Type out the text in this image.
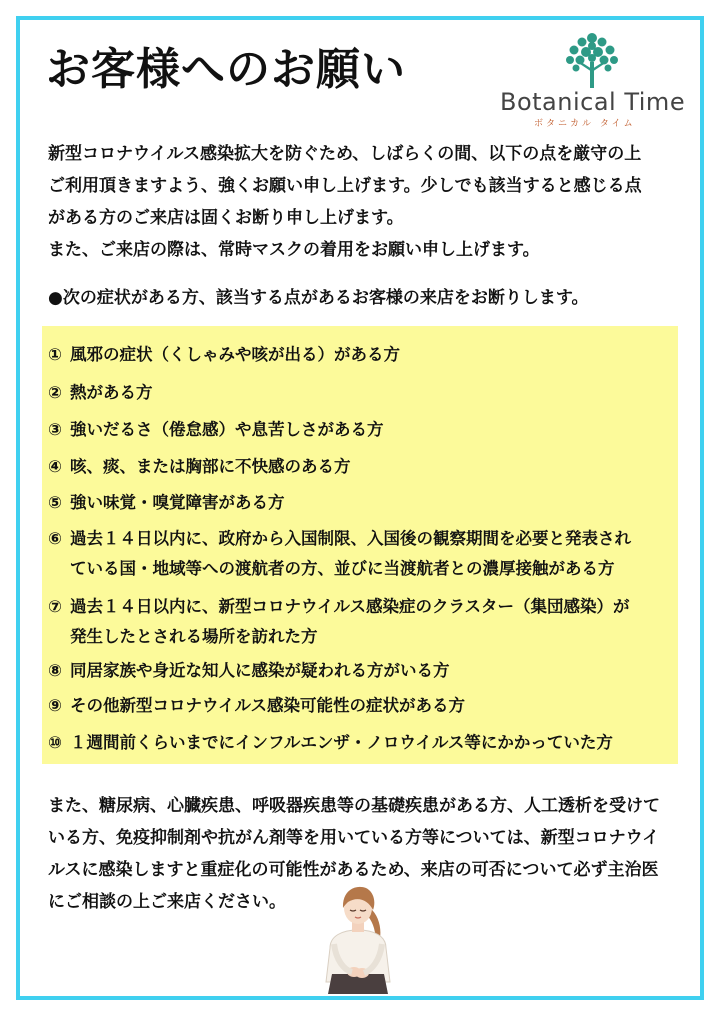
お客様へのお願い
Botanical Time
ボタニカル タイム

新型コロナウイルス感染拡大を防ぐため、しばらくの間、以下の点を厳守の上

ご利用頂きますよう、強くお願い申し上げます。少しでも該当すると感じる点

がある方のご来店は固くお断り申し上げます。

また、ご来店の際は、常時マスクの着用をお願い申し上げます。

●次の症状がある方、該当する点があるお客様の来店をお断りします。
① 風邪の症状（くしゃみや咳が出る）がある方
② 熱がある方
③ 強いだるさ（倦怠感）や息苦しさがある方
④ 咳、痰、または胸部に不快感のある方
⑤ 強い味覚・嗅覚障害がある方
⑥ 過去１４日以内に、政府から入国制限、入国後の観察期間を必要と発表され
ている国・地域等への渡航者の方、並びに当渡航者との濃厚接触がある方
⑦ 過去１４日以内に、新型コロナウイルス感染症のクラスター（集団感染）が
発生したとされる場所を訪れた方
⑧ 同居家族や身近な知人に感染が疑われる方がいる方
⑨ その他新型コロナウイルス感染可能性の症状がある方
⑩ １週間前くらいまでにインフルエンザ・ノロウイルス等にかかっていた方

また、糖尿病、心臓疾患、呼吸器疾患等の基礎疾患がある方、人工透析を受けて

いる方、免疫抑制剤や抗がん剤等を用いている方等については、新型コロナウイ

ルスに感染しますと重症化の可能性があるため、来店の可否について必ず主治医

にご相談の上ご来店ください。
